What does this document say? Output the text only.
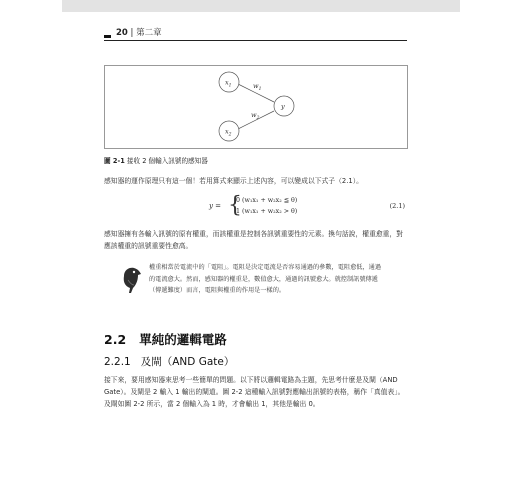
20 | 第二章
$x_1$
$x_2$
y
$w_1$
$w_2$
圖 2-1 接收 2 個輸入訊號的感知器
感知器的運作原理只有這一個！若用算式來顯示上述內容，可以變成以下式子（2.1）。
y = {
0 (w₁x₁ + w₂x₂ ≦ θ)
1 (w₁x₁ + w₂x₂ > θ)
(2.1)
感知器擁有各輸入訊號的原有權重，而該權重是控制各訊號重要性的元素。換句話說，權重愈重，對應該權重的訊號重要性愈高。
權重相當於電流中的「電阻」。電阻是決定電流是否容易通過的參數，電阻愈低，通過的電流愈大。然而，感知器的權重是，數值愈大，通過的訊號愈大。就控制訊號傳遞（傳遞難度）而言，電阻與權重的作用是一樣的。
2.2 單純的邏輯電路
2.2.1 及閘（AND Gate）
接下來，要用感知器來思考一些簡單的問題。以下將以邏輯電路為主題，先思考什麼是及閘（AND Gate）。及閘是 2 輸入 1 輸出的閘道。圖 2-2 這種輸入訊號對應輸出訊號的表格，稱作「真值表」。及閘如圖 2-2 所示，當 2 個輸入為 1 時，才會輸出 1，其他是輸出 0。
